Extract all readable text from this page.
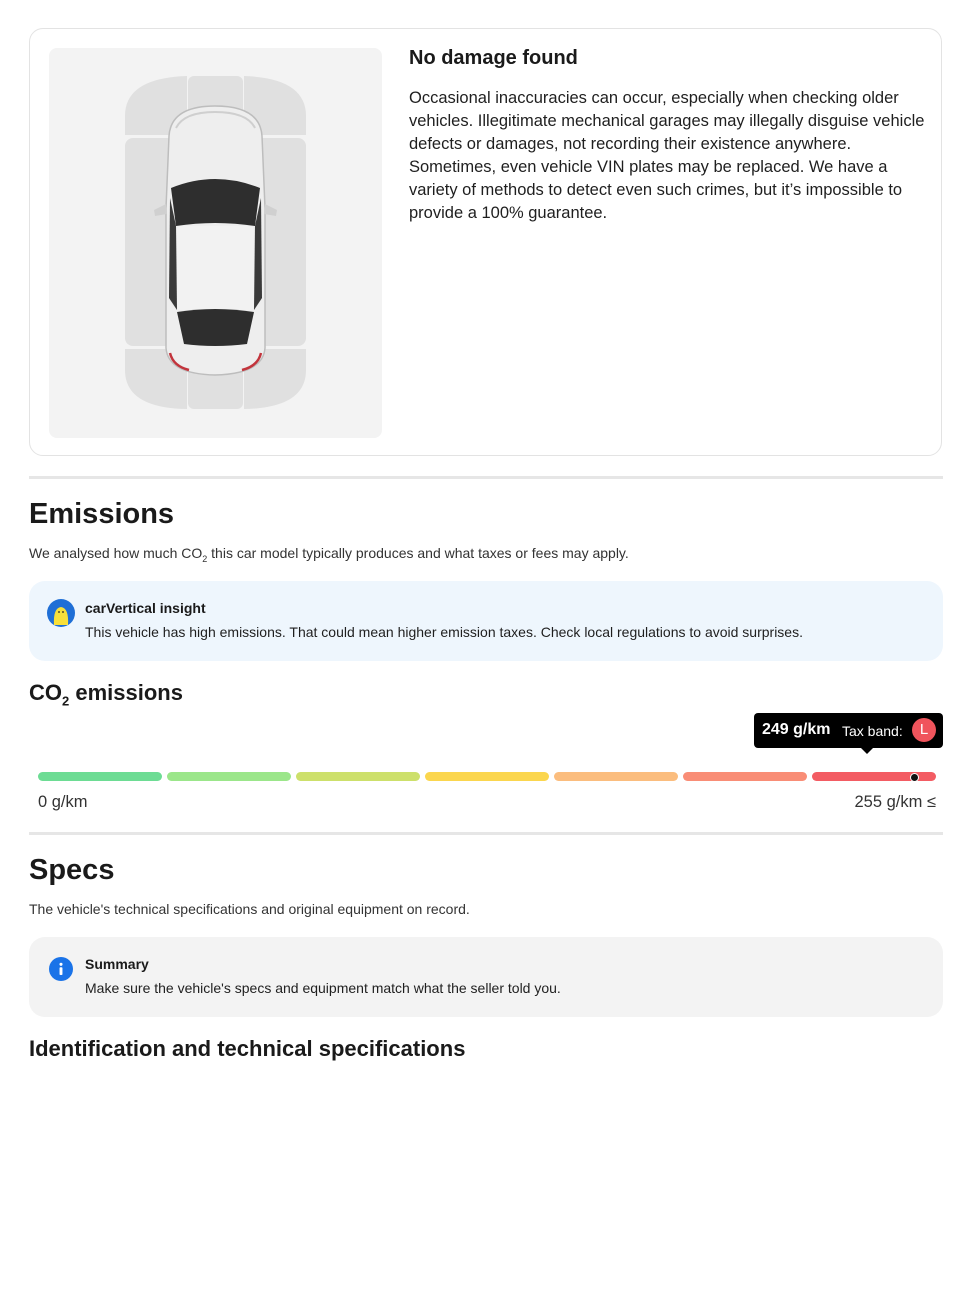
No damage found

Occasional inaccuracies can occur, especially when checking older vehicles. Illegitimate mechanical garages may illegally disguise vehicle defects or damages, not recording their existence anywhere. Sometimes, even vehicle VIN plates may be replaced. We have a variety of methods to detect even such crimes, but it’s impossible to provide a 100% guarantee.

Emissions

We analysed how much $CO_2$ this car model typically produces and what taxes or fees may apply.

carVertical insight
This vehicle has high emissions. That could mean higher emission taxes. Check local regulations to avoid surprises.
$CO_2$ emissions
249 g/km Tax band:	L
0 g/km	255 g/km ≤
Specs

The vehicle's technical specifications and original equipment on record.

Summary
Make sure the vehicle's specs and equipment match what the seller told you.
Identification and technical specifications
